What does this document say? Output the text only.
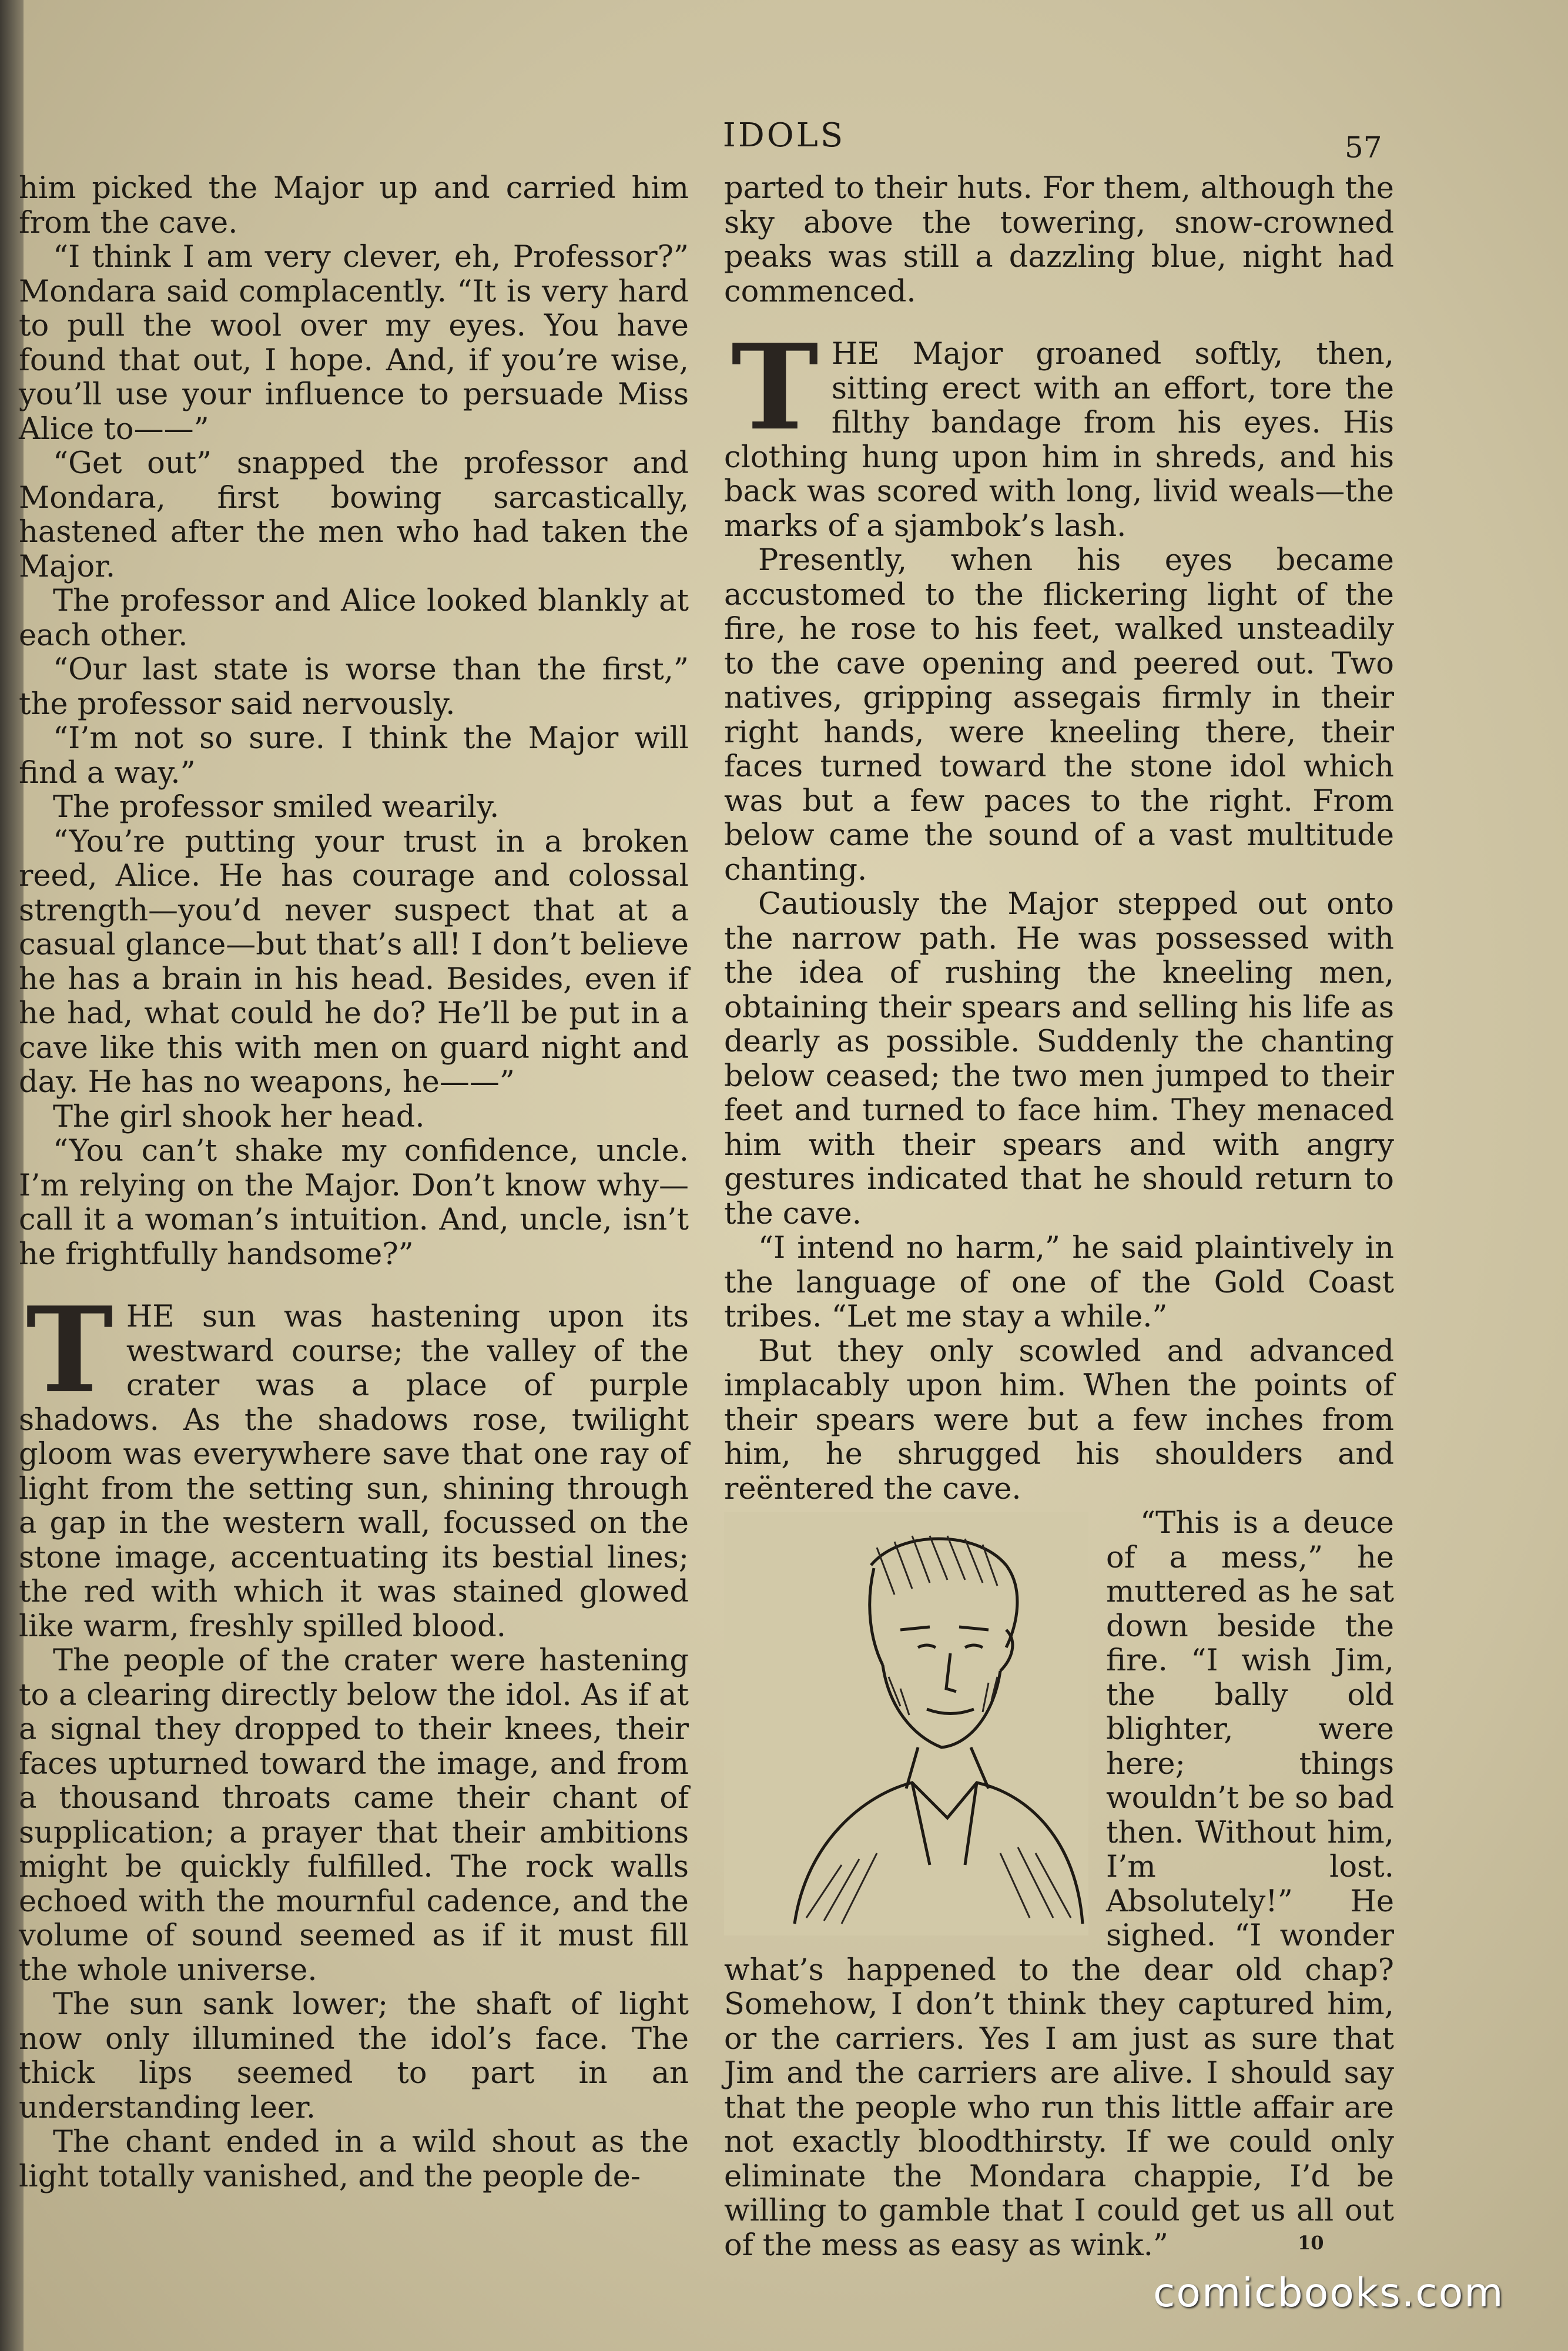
IDOLS	57

him picked the Major up and carried him from the cave.

“I think I am very clever, eh, Professor?” Mondara said complacently. “It is very hard to pull the wool over my eyes. You have found that out, I hope. And, if you’re wise, you’ll use your influence to persuade Miss Alice to——”

“Get out” snapped the professor and Mondara, first bowing sarcastically, hastened after the men who had taken the Major.

The professor and Alice looked blankly at each other.

“Our last state is worse than the first,” the professor said nervously.

“I’m not so sure. I think the Major will find a way.”

The professor smiled wearily.

“You’re putting your trust in a broken reed, Alice. He has courage and colossal strength—you’d never suspect that at a casual glance—but that’s all! I don’t believe he has a brain in his head. Besides, even if he had, what could he do? He’ll be put in a cave like this with men on guard night and day. He has no weapons, he——”

The girl shook her head.

“You can’t shake my confidence, uncle. I’m relying on the Major. Don’t know why—call it a woman’s intuition. And, uncle, isn’t he frightfully handsome?”

T HE sun was hastening upon its westward course; the valley of the crater was a place of purple shadows. As the shadows rose, twilight gloom was everywhere save that one ray of light from the setting sun, shining through a gap in the western wall, focussed on the stone image, accentuating its bestial lines; the red with which it was stained glowed like warm, freshly spilled blood.

The people of the crater were hastening to a clearing directly below the idol. As if at a signal they dropped to their knees, their faces upturned toward the image, and from a thousand throats came their chant of supplication; a prayer that their ambitions might be quickly fulfilled. The rock walls echoed with the mournful cadence, and the volume of sound seemed as if it must fill the whole universe.

The sun sank lower; the shaft of light now only illumined the idol’s face. The thick lips seemed to part in an understanding leer.

The chant ended in a wild shout as the light totally vanished, and the people de-

parted to their huts. For them, although the sky above the towering, snow-crowned peaks was still a dazzling blue, night had commenced.

T HE Major groaned softly, then, sitting erect with an effort, tore the filthy bandage from his eyes. His clothing hung upon him in shreds, and his back was scored with long, livid weals—the marks of a sjambok’s lash.

Presently, when his eyes became accustomed to the flickering light of the fire, he rose to his feet, walked unsteadily to the cave opening and peered out. Two natives, gripping assegais firmly in their right hands, were kneeling there, their faces turned toward the stone idol which was but a few paces to the right. From below came the sound of a vast multitude chanting.

Cautiously the Major stepped out onto the narrow path. He was possessed with the idea of rushing the kneeling men, obtaining their spears and selling his life as dearly as possible. Suddenly the chanting below ceased; the two men jumped to their feet and turned to face him. They menaced him with their spears and with angry gestures indicated that he should return to the cave.

“I intend no harm,” he said plaintively in the language of one of the Gold Coast tribes. “Let me stay a while.”

But they only scowled and advanced implacably upon him. When the points of their spears were but a few inches from him, he shrugged his shoulders and reëntered the cave.

“This is a deuce of a mess,” he muttered as he sat down beside the fire. “I wish Jim, the bally old blighter, were here; things wouldn’t be so bad then. Without him, I’m lost. Absolutely!” He sighed. “I wonder what’s happened to the dear old chap? Somehow, I don’t think they captured him, or the carriers. Yes I am just as sure that Jim and the carriers are alive. I should say that the people who run this little affair are not exactly bloodthirsty. If we could only eliminate the Mondara chappie, I’d be willing to gamble that I could get us all out of the mess as easy as wink.”	10
comicbooks.com
